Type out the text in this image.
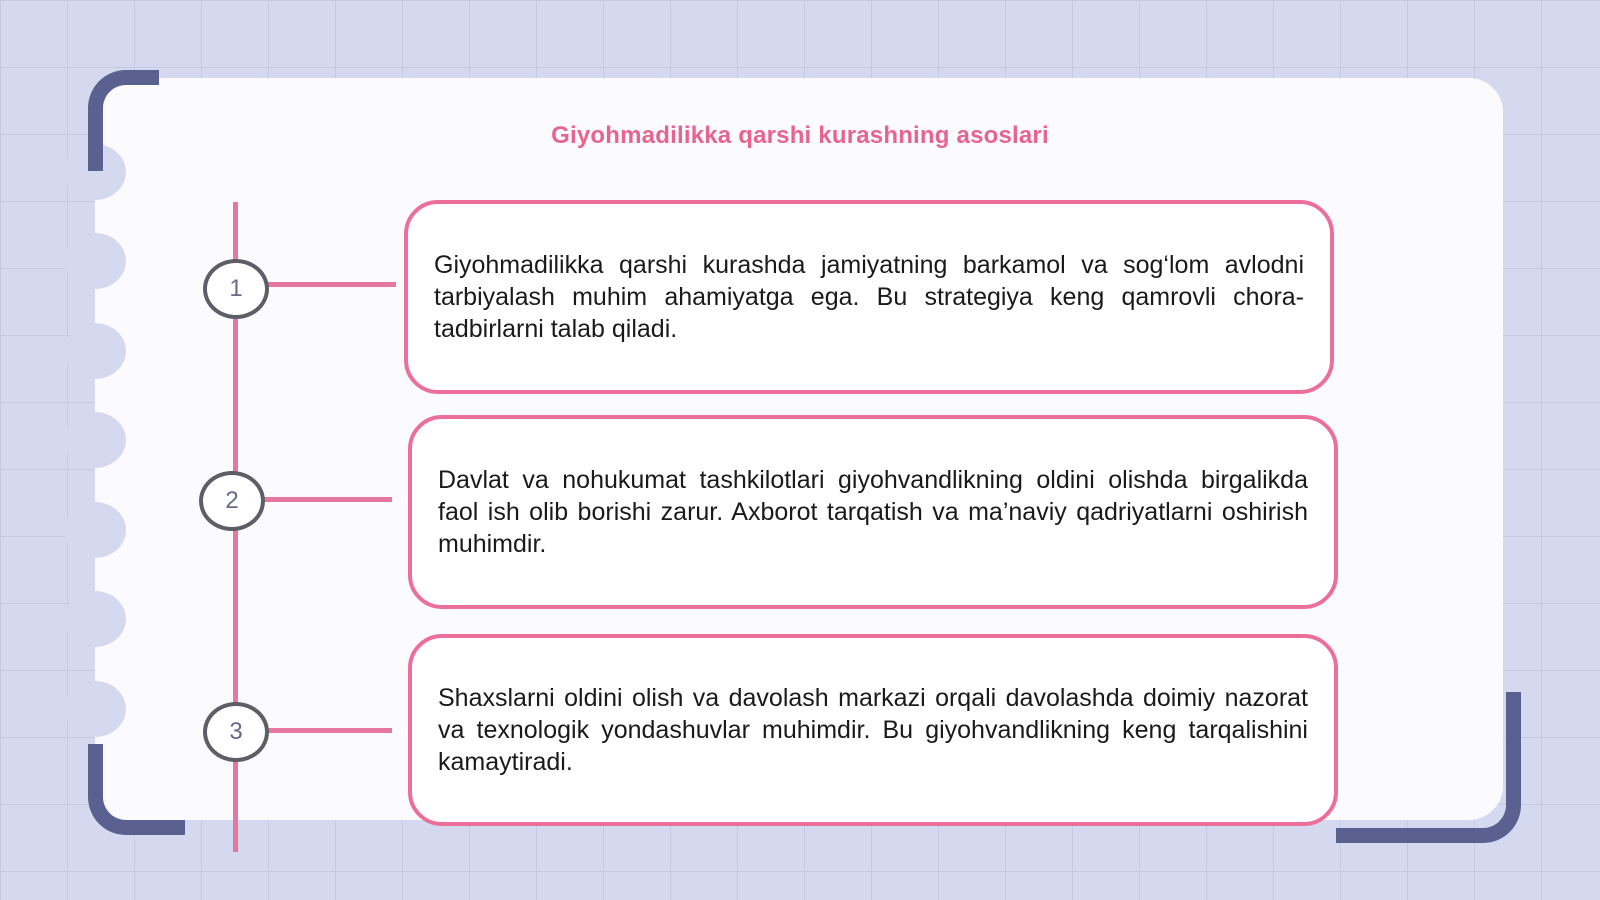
Giyohmadilikka qarshi kurashning asoslari
1
Giyohmadilikka qarshi kurashda jamiyatning barkamol va sog‘lom avlodni tarbiyalash muhim ahamiyatga ega. Bu strategiya keng qamrovli chora-tadbirlarni talab qiladi.
2
Davlat va nohukumat tashkilotlari giyohvandlikning oldini olishda birgalikda faol ish olib borishi zarur. Axborot tarqatish va ma’naviy qadriyatlarni oshirish muhimdir.
3
Shaxslarni oldini olish va davolash markazi orqali davolashda doimiy nazorat va texnologik yondashuvlar muhimdir. Bu giyohvandlikning keng tarqalishini kamaytiradi.
